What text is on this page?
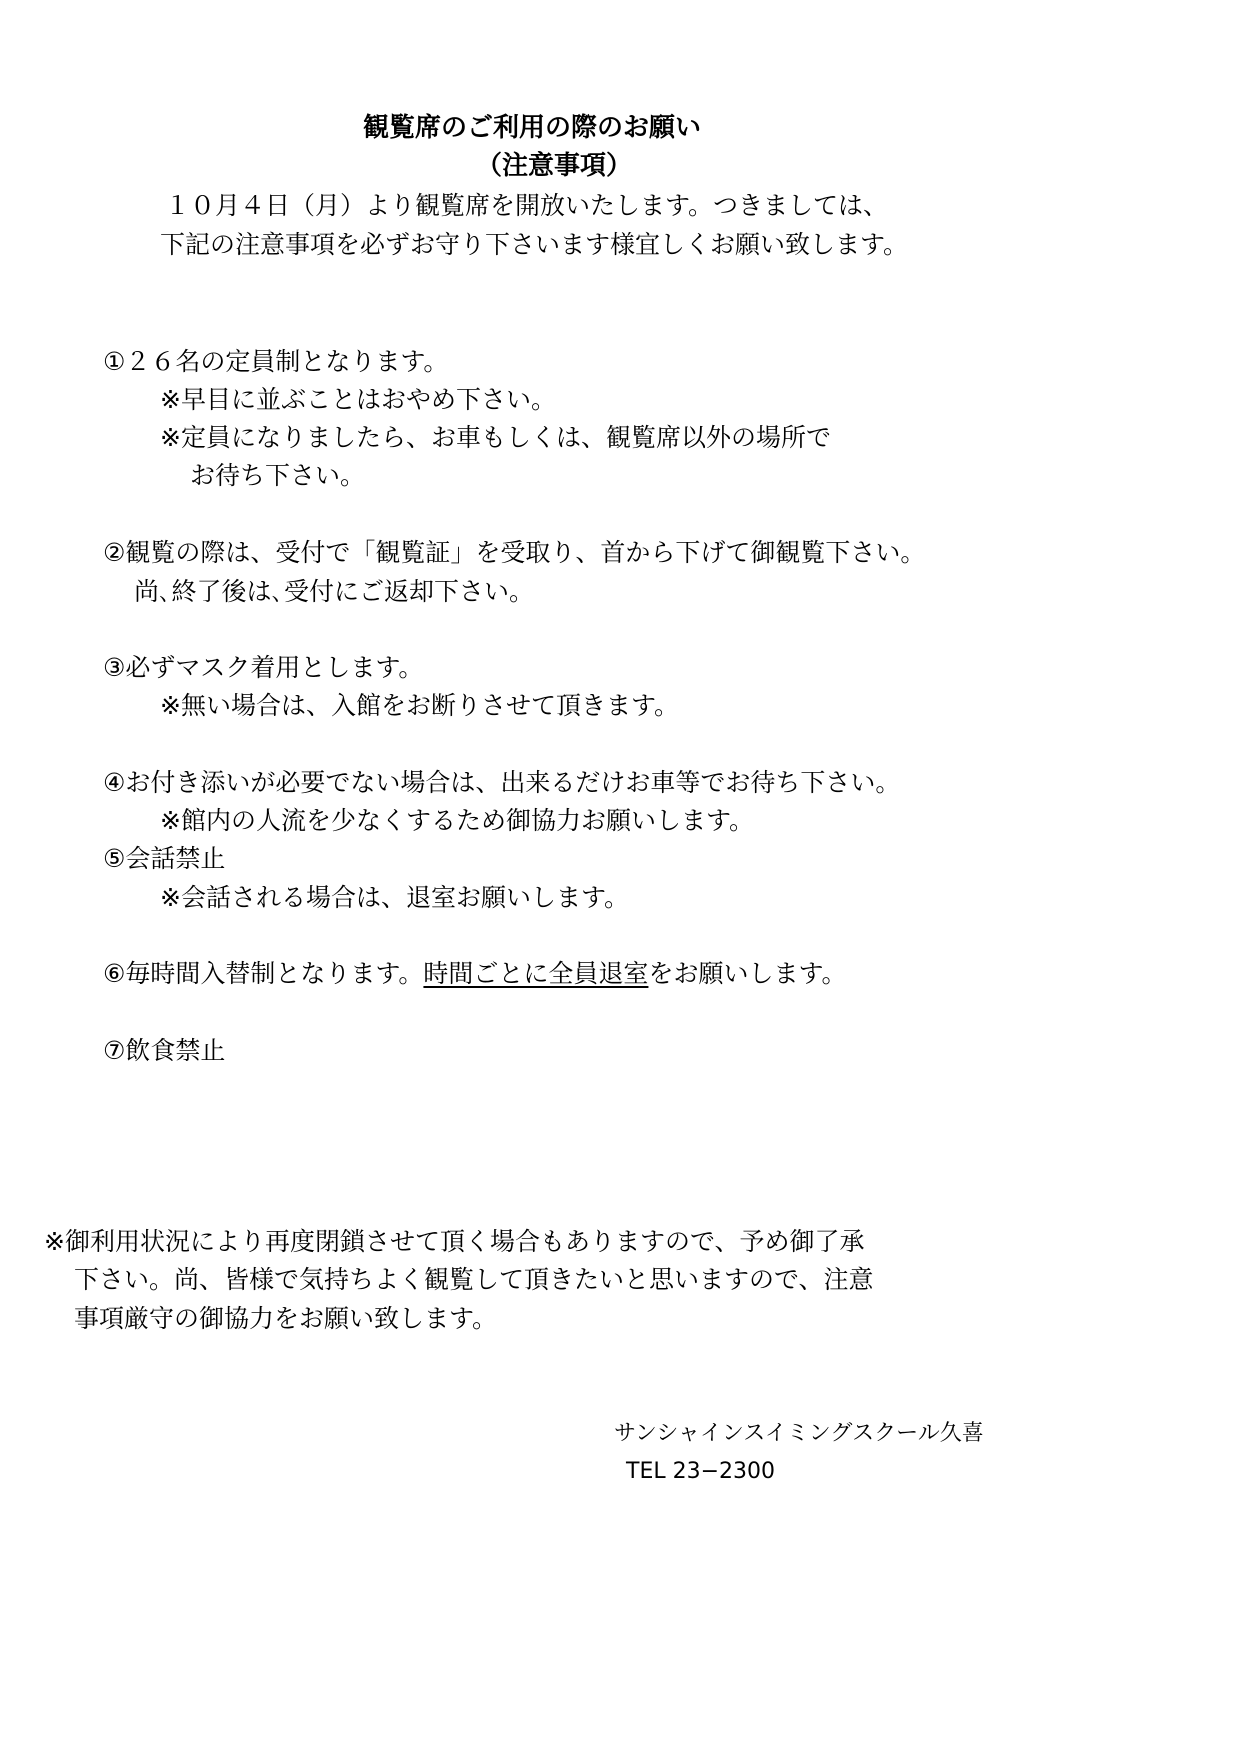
観覧席のご利用の際のお願い
（注意事項）
１０月４日（月）より観覧席を開放いたします。つきましては、
下記の注意事項を必ずお守り下さいます様宜しくお願い致します。
①２６名の定員制となります。
※早目に並ぶことはおやめ下さい。
※定員になりましたら、お車もしくは、観覧席以外の場所で
お待ち下さい。
②観覧の際は、受付で「観覧証」を受取り、首から下げて御観覧下さい。
尚､終了後は､受付にご返却下さい。
③必ずマスク着用とします。
※無い場合は、入館をお断りさせて頂きます。
④お付き添いが必要でない場合は、出来るだけお車等でお待ち下さい。
※館内の人流を少なくするため御協力お願いします。
⑤会話禁止
※会話される場合は、退室お願いします。
⑥毎時間入替制となります。時間ごとに全員退室をお願いします。
⑦飲食禁止
※御利用状況により再度閉鎖させて頂く場合もありますので、予め御了承
下さい。尚、皆様で気持ちよく観覧して頂きたいと思いますので、注意
事項厳守の御協力をお願い致します。
サンシャインスイミングスクール久喜
TEL 23−2300
